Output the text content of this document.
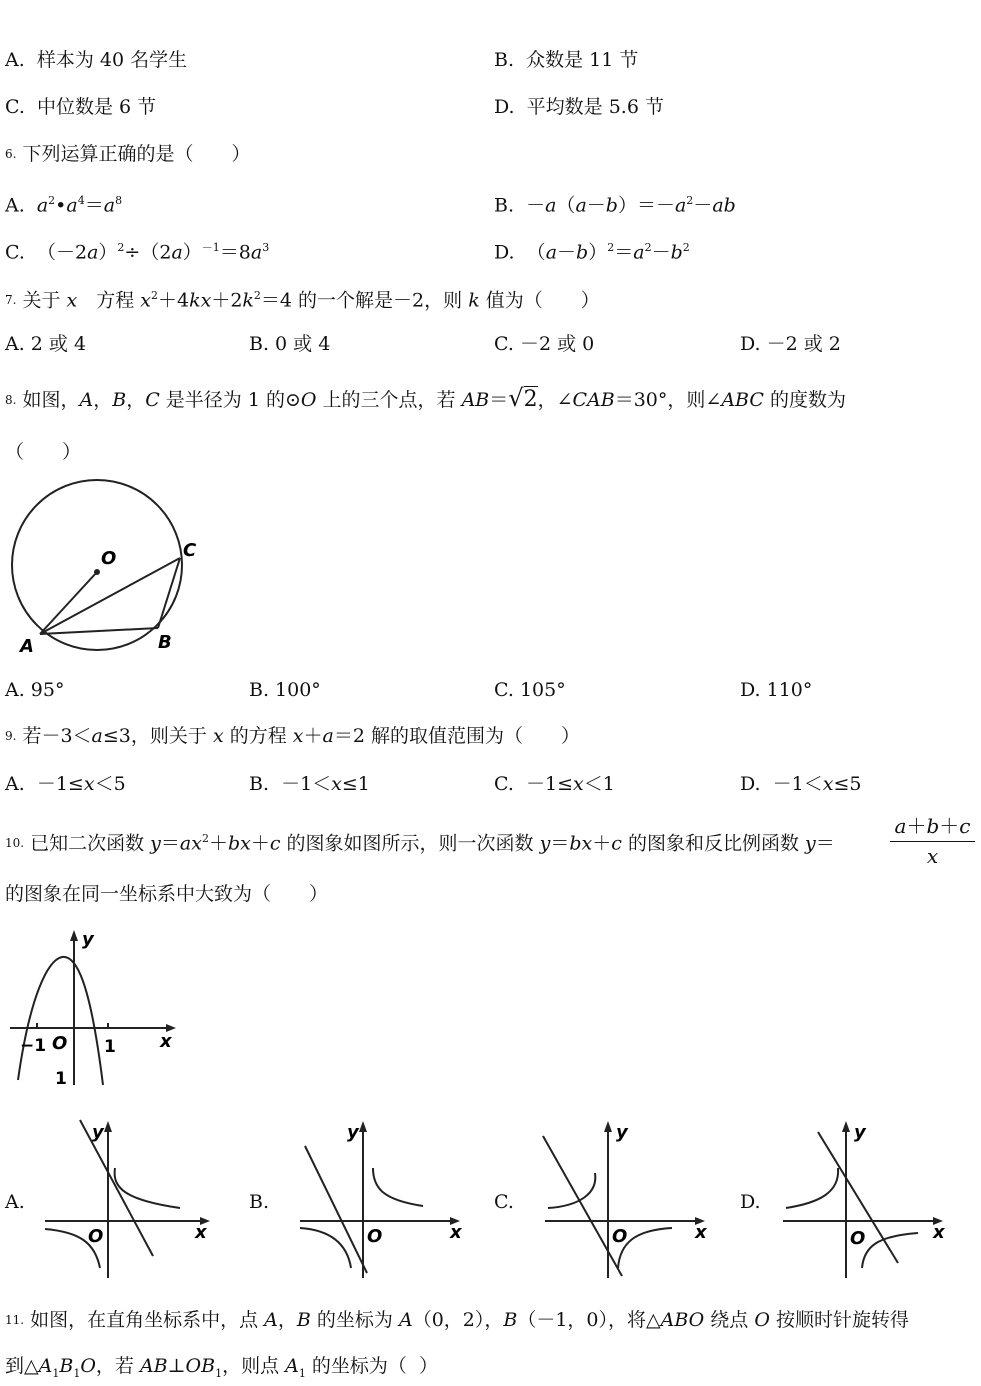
A.  样本为 40 名学生	B.  众数是 11 节
C.  中位数是 6 节	D.  平均数是 5.6 节
6. 下列运算正确的是（　　）
A.  $a^2•a^4=a^8$	B.  $-a(a-b)=-a^2-ab$
C.  $(-2a)^2\div(2a)^{-1}=8a^3$	D.  $(a-b)^2=a^2-b^2$
7. 关于 x　方程 $x^2+4kx+2k^2=4$ 的一个解是－2，则 k 值为（　　）
A. 2 或 4	B. 0 或 4	C. －2 或 0	D. －2 或 2
8. 如图，A，B，C 是半径为 1 的⊙O 上的三个点，若 AB＝√2，∠CAB＝30°，则∠ABC 的度数为
（　　）
O
A	B
C
A. 95°	B. 100°	C. 105°	D. 110°
9. 若－3＜a≤3，则关于 x 的方程 x＋a＝2 解的取值范围为（　　）
A.  －1≤x＜5	B.  －1＜x≤1	C.  －1≤x＜1	D.  －1＜x≤5
10. 已知二次函数 $y=ax^2+bx+c$ 的图象如图所示，则一次函数 y＝bx＋c 的图象和反比例函数 y＝
a＋b＋c
x
的图象在同一坐标系中大致为（　　）
y
x
O
−1	1
1
A.
y
x
O
B.
y
x
O
C.
y
x
O
D.
y
x
O
11. 如图，在直角坐标系中，点 A，B 的坐标为 A（0，2），B（－1，0），将△ABO 绕点 O 按顺时针旋转得
到$\triangle A_1B_1O$，若 $AB\perp OB_1$，则点 $A_1$ 的坐标为（  ）
